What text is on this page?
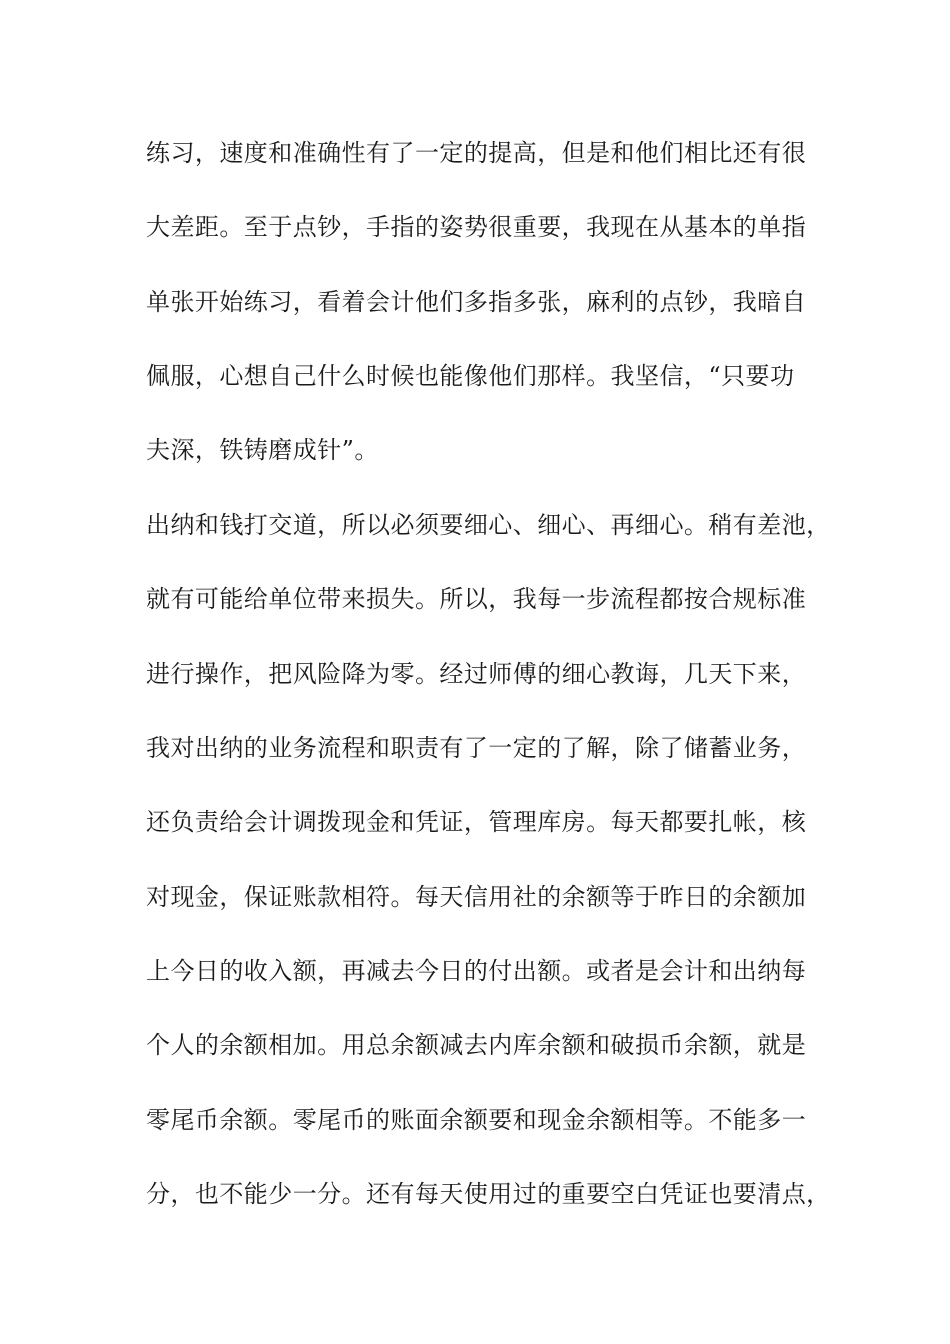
练习，速度和准确性有了一定的提高，但是和他们相比还有很
大差距。至于点钞，手指的姿势很重要，我现在从基本的单指
单张开始练习，看着会计他们多指多张，麻利的点钞，我暗自
佩服，心想自己什么时候也能像他们那样。我坚信，“只要功
夫深，铁铸磨成针”。
出纳和钱打交道，所以必须要细心、细心、再细心。稍有差池，
就有可能给单位带来损失。所以，我每一步流程都按合规标准
进行操作，把风险降为零。经过师傅的细心教诲，几天下来，
我对出纳的业务流程和职责有了一定的了解，除了储蓄业务，
还负责给会计调拨现金和凭证，管理库房。每天都要扎帐，核
对现金，保证账款相符。每天信用社的余额等于昨日的余额加
上今日的收入额，再减去今日的付出额。或者是会计和出纳每
个人的余额相加。用总余额减去内库余额和破损币余额，就是
零尾币余额。零尾币的账面余额要和现金余额相等。不能多一
分，也不能少一分。还有每天使用过的重要空白凭证也要清点，
